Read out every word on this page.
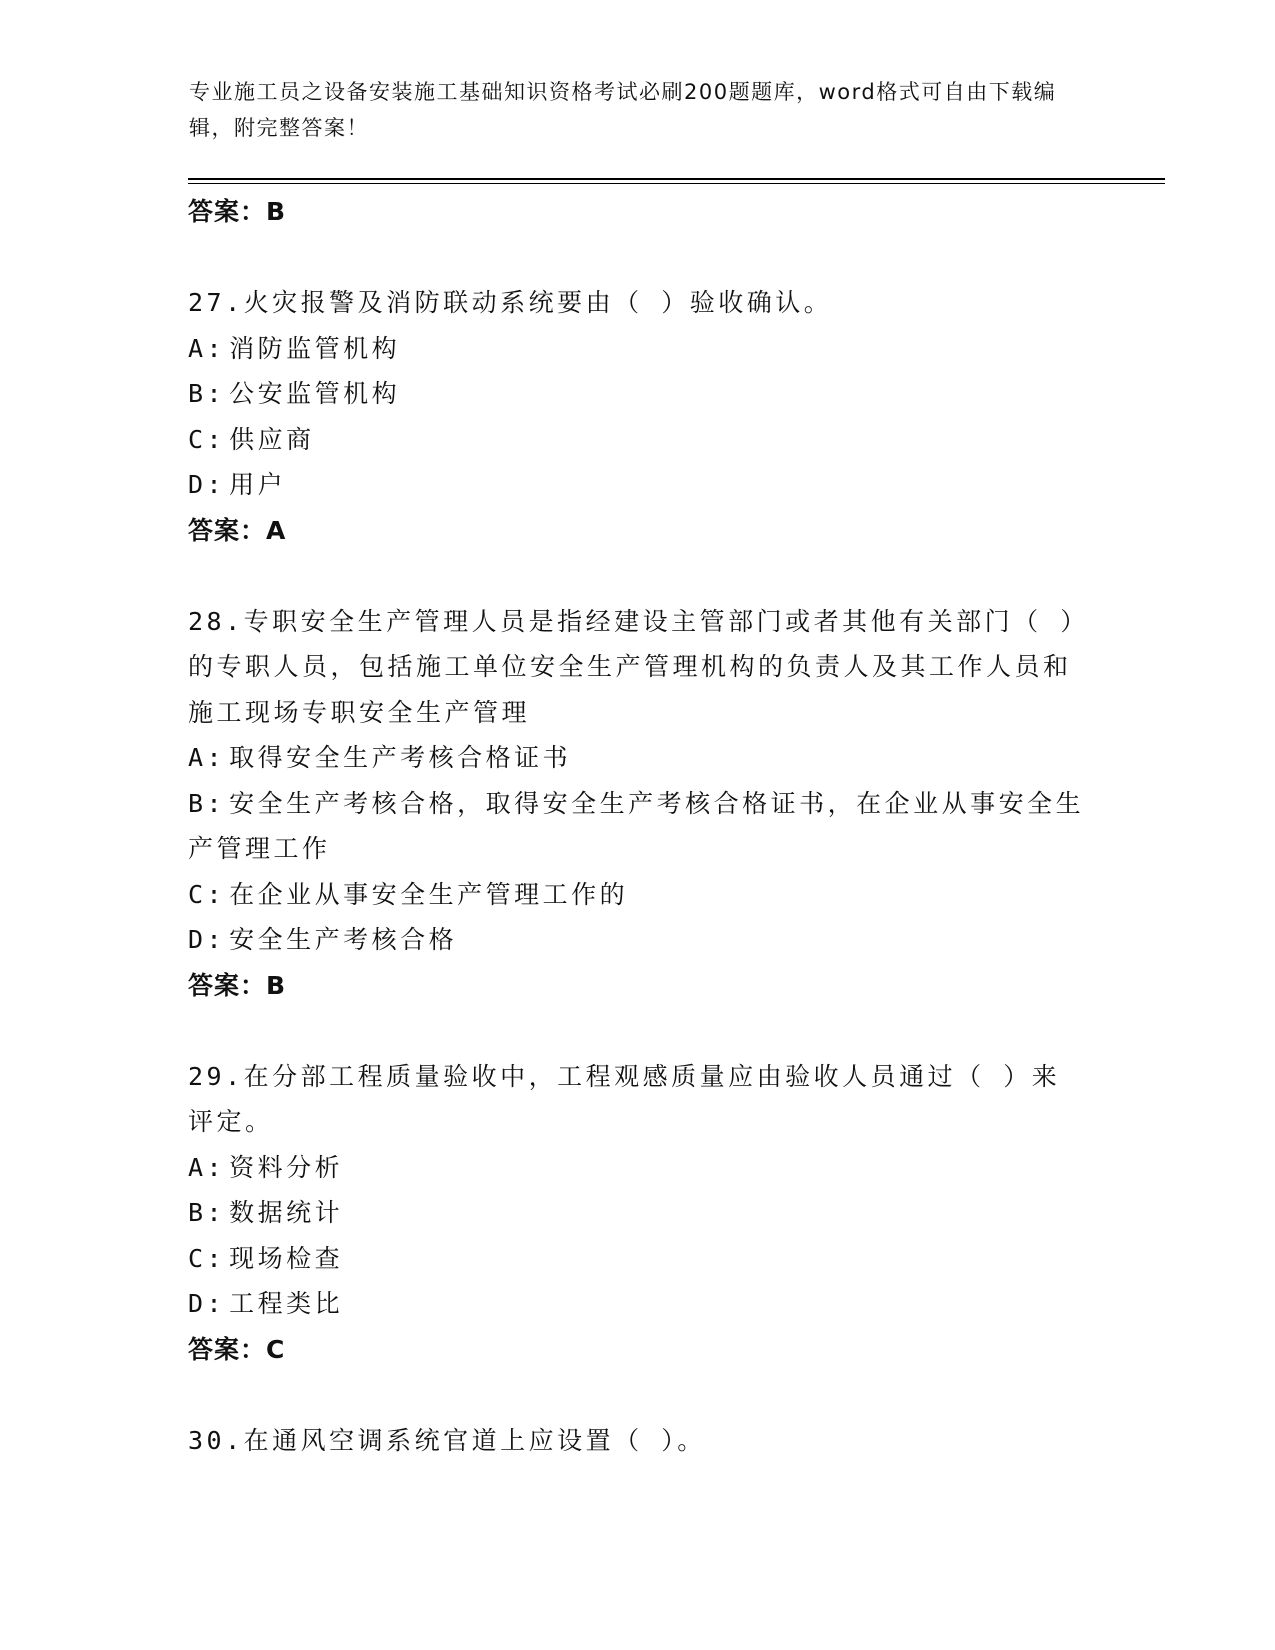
专业施工员之设备安装施工基础知识资格考试必刷200题题库，word格式可自由下载编辑，附完整答案！
答案：B
27.火灾报警及消防联动系统要由（ ）验收确认。
A: 消防监管机构
B: 公安监管机构
C: 供应商
D: 用户
答案：A
28.专职安全生产管理人员是指经建设主管部门或者其他有关部门（ ）的专职人员，包括施工单位安全生产管理机构的负责人及其工作人员和施工现场专职安全生产管理
A: 取得安全生产考核合格证书
B: 安全生产考核合格，取得安全生产考核合格证书，在企业从事安全生产管理工作
C: 在企业从事安全生产管理工作的
D: 安全生产考核合格
答案：B
29.在分部工程质量验收中，工程观感质量应由验收人员通过（ ）来评定。
A: 资料分析
B: 数据统计
C: 现场检查
D: 工程类比
答案：C
30.在通风空调系统官道上应设置（ ）。
